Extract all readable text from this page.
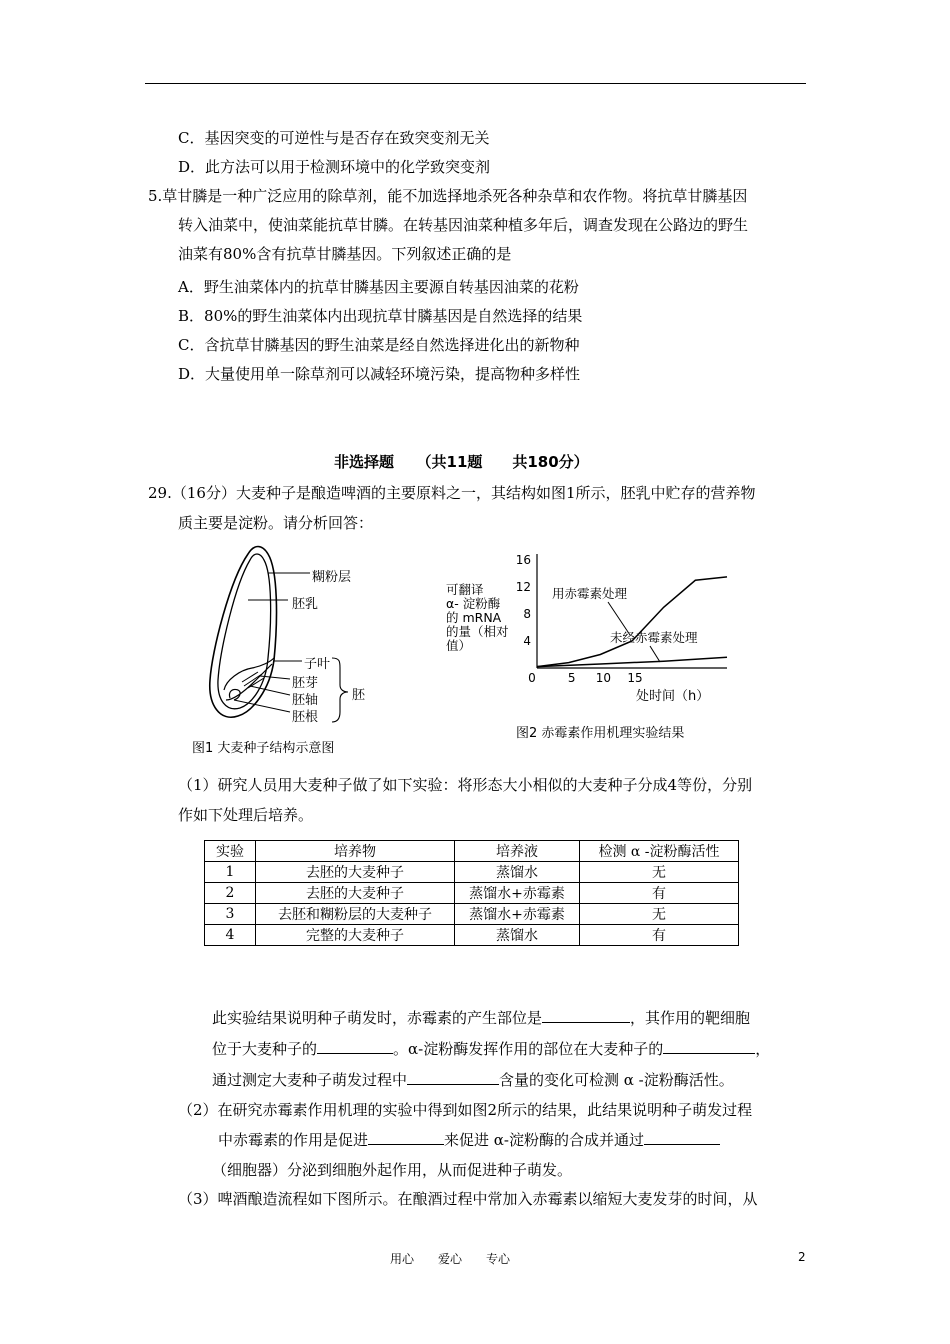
C．基因突变的可逆性与是否存在致突变剂无关
D．此方法可以用于检测环境中的化学致突变剂
5.草甘膦是一种广泛应用的除草剂，能不加选择地杀死各种杂草和农作物。将抗草甘膦基因
转入油菜中，使油菜能抗草甘膦。在转基因油菜种植多年后，调查发现在公路边的野生
油菜有80%含有抗草甘膦基因。下列叙述正确的是
A．野生油菜体内的抗草甘膦基因主要源自转基因油菜的花粉
B．80%的野生油菜体内出现抗草甘膦基因是自然选择的结果
C．含抗草甘膦基因的野生油菜是经自然选择进化出的新物种
D．大量使用单一除草剂可以减轻环境污染，提高物种多样性
非选择题　　（共11题　　共180分）
29.（16分）大麦种子是酿造啤酒的主要原料之一，其结构如图1所示，胚乳中贮存的营养物
质主要是淀粉。请分析回答：
糊粉层
胚乳
子叶
胚芽
胚轴
胚根
胚
图1 大麦种子结构示意图
可翻译
α- 淀粉酶
的 mRNA
的量（相对
值）
16
12
8
4
0	5 10 15
用赤霉素处理
未经赤霉素处理
处时间（h）
图2 赤霉素作用机理实验结果
（1）研究人员用大麦种子做了如下实验：将形态大小相似的大麦种子分成4等份，分别
作如下处理后培养。
实验	培养物	培养液	检测 α -淀粉酶活性
1	去胚的大麦种子	蒸馏水	无
2	去胚的大麦种子	蒸馏水+赤霉素	有
3	去胚和糊粉层的大麦种子	蒸馏水+赤霉素	无
4	完整的大麦种子	蒸馏水	有
此实验结果说明种子萌发时，赤霉素的产生部位是	，其作用的靶细胞
位于大麦种子的	。α-淀粉酶发挥作用的部位在大麦种子的	，
通过测定大麦种子萌发过程中	含量的变化可检测 α -淀粉酶活性。
（2）在研究赤霉素作用机理的实验中得到如图2所示的结果，此结果说明种子萌发过程
中赤霉素的作用是促进	来促进 α-淀粉酶的合成并通过
（细胞器）分泌到细胞外起作用，从而促进种子萌发。
（3）啤酒酿造流程如下图所示。在酿酒过程中常加入赤霉素以缩短大麦发芽的时间，从
用心　　爱心　　专心	2
